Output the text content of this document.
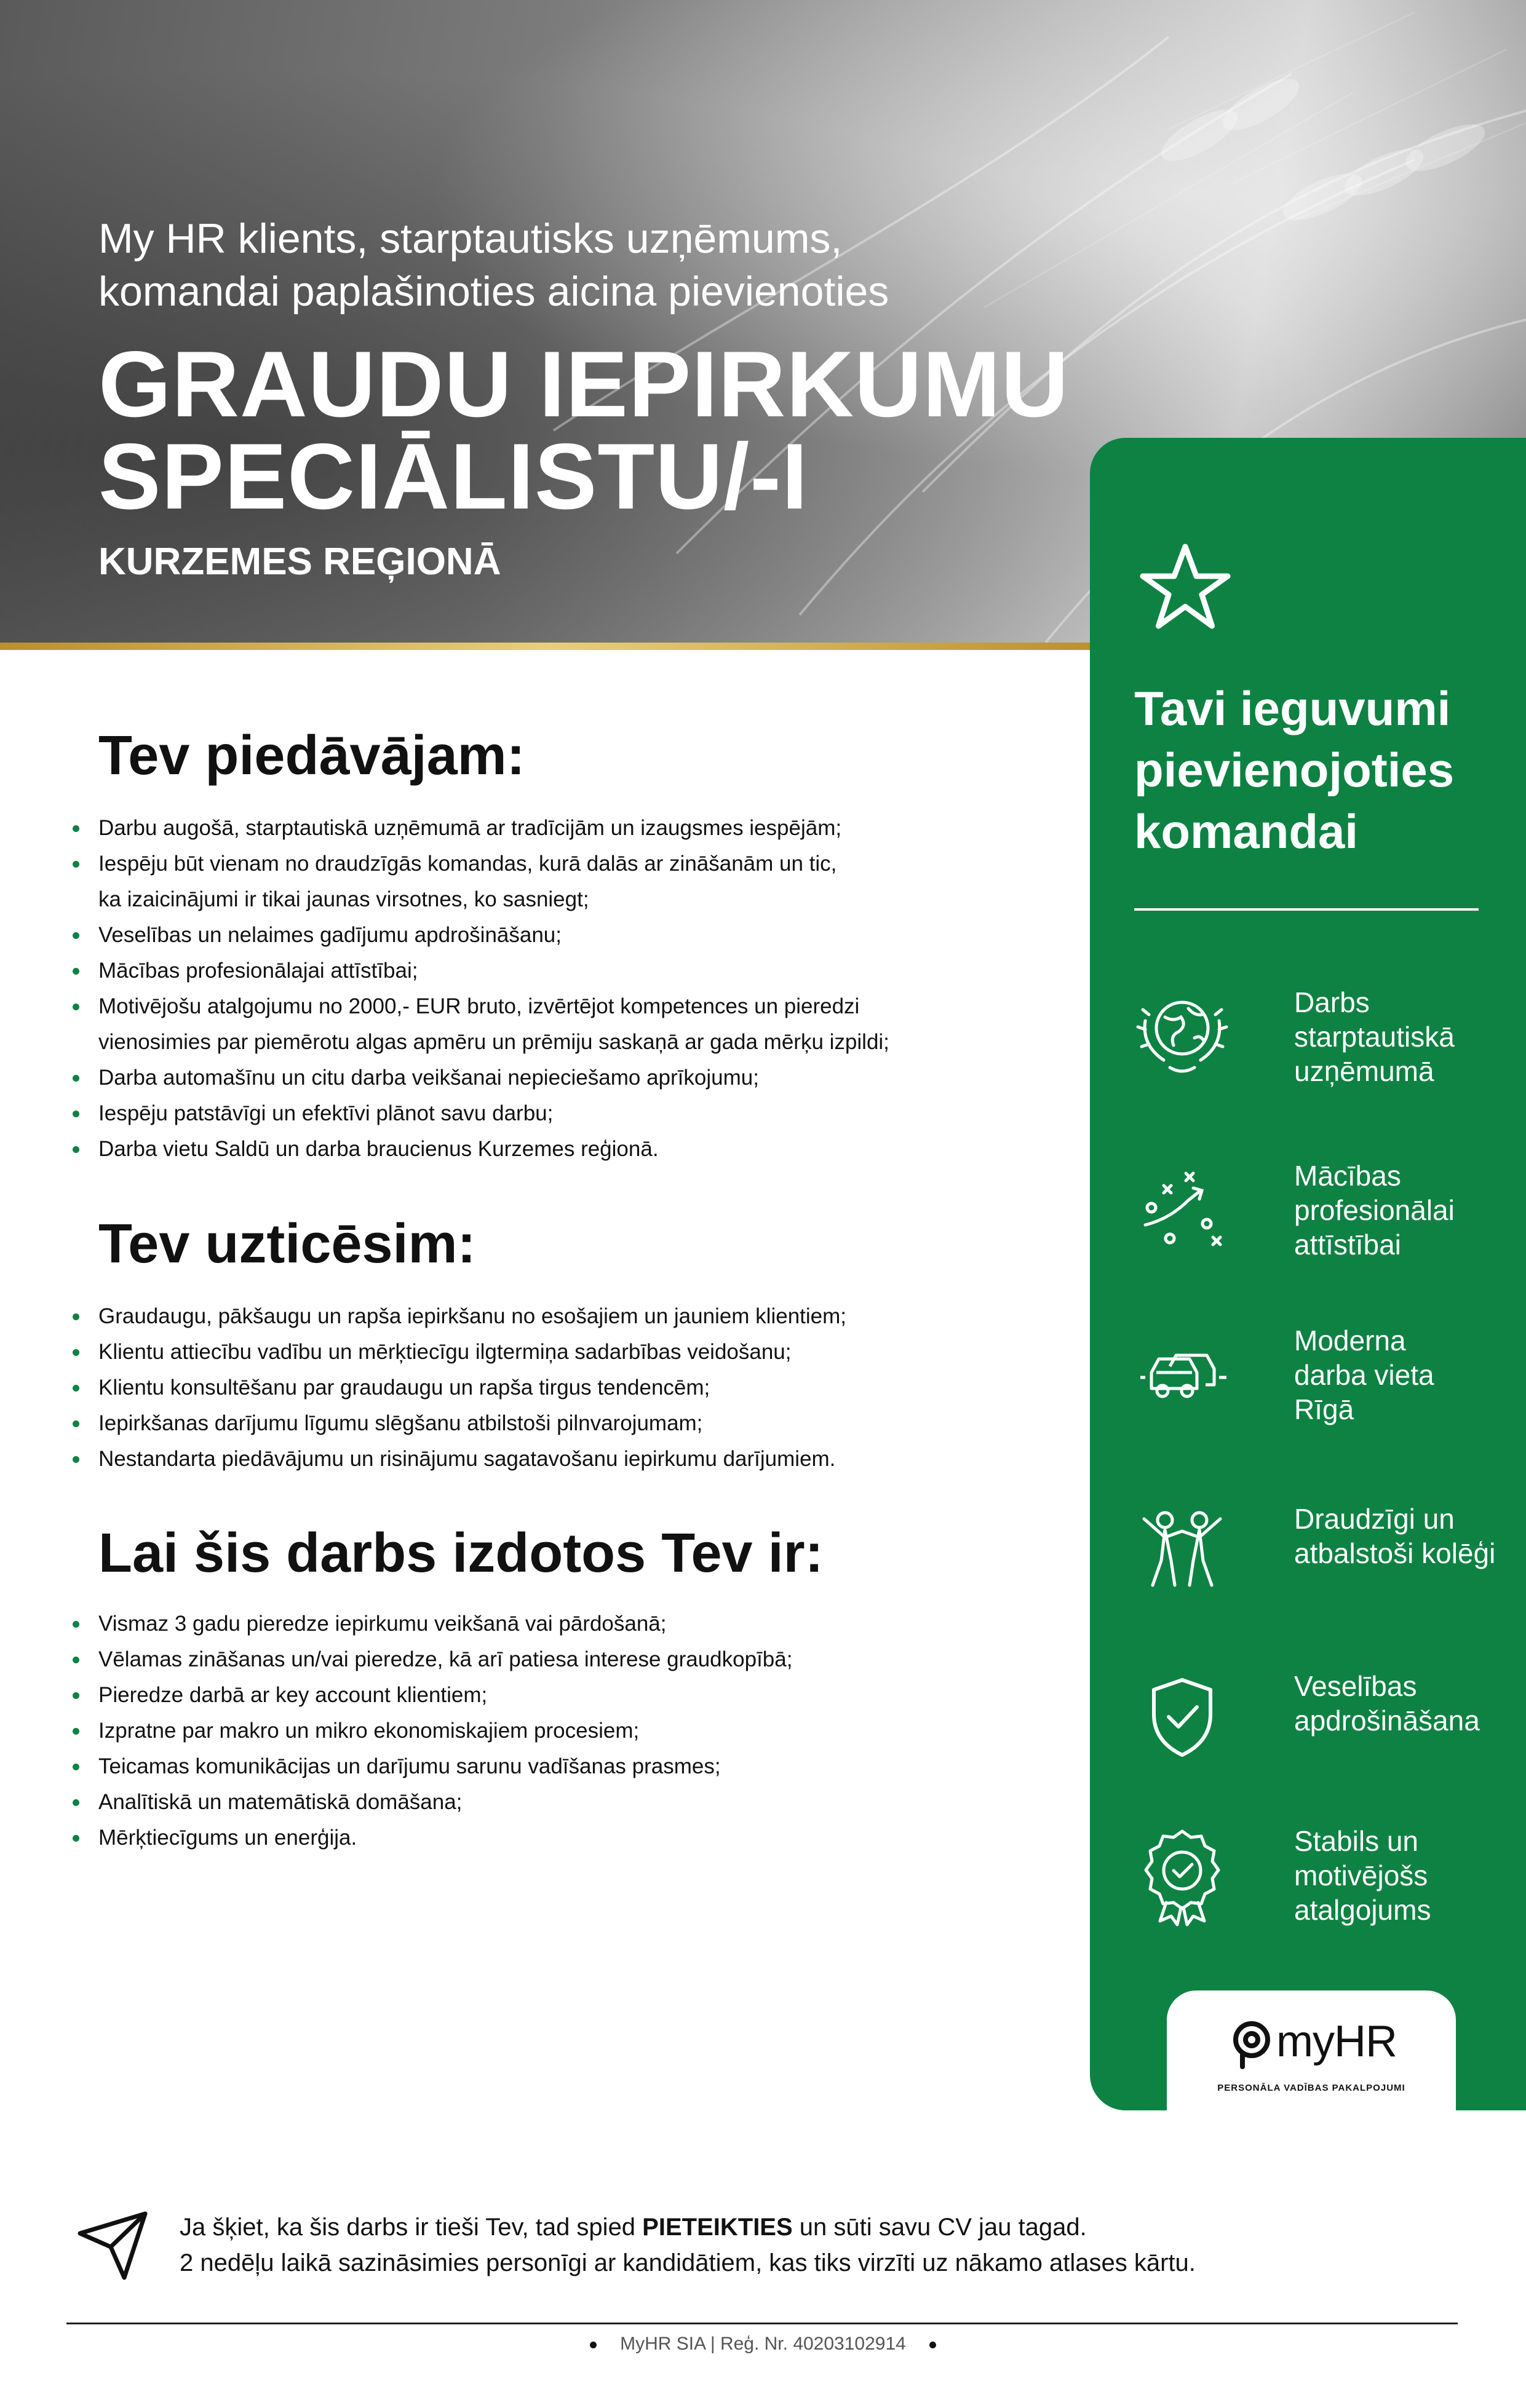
My HR klients, starptautisks uzņēmums,
komandai paplašinoties aicina pievienoties
GRAUDU IEPIRKUMU
SPECIĀLISTU/-I
KURZEMES REĢIONĀ
Tev piedāvājam:
Darbu augošā, starptautiskā uzņēmumā ar tradīcijām un izaugsmes iespējām;
Iespēju būt vienam no draudzīgās komandas, kurā dalās ar zināšanām un tic,
ka izaicinājumi ir tikai jaunas virsotnes, ko sasniegt;
Veselības un nelaimes gadījumu apdrošināšanu;
Mācības profesionālajai attīstībai;
Motivējošu atalgojumu no 2000,- EUR bruto, izvērtējot kompetences un pieredzi
vienosimies par piemērotu algas apmēru un prēmiju saskaņā ar gada mērķu izpildi;
Darba automašīnu un citu darba veikšanai nepieciešamo aprīkojumu;
Iespēju patstāvīgi un efektīvi plānot savu darbu;
Darba vietu Saldū un darba braucienus Kurzemes reģionā.
Tev uzticēsim:
Graudaugu, pākšaugu un rapša iepirkšanu no esošajiem un jauniem klientiem;
Klientu attiecību vadību un mērķtiecīgu ilgtermiņa sadarbības veidošanu;
Klientu konsultēšanu par graudaugu un rapša tirgus tendencēm;
Iepirkšanas darījumu līgumu slēgšanu atbilstoši pilnvarojumam;
Nestandarta piedāvājumu un risinājumu sagatavošanu iepirkumu darījumiem.
Lai šis darbs izdotos Tev ir:
Vismaz 3 gadu pieredze iepirkumu veikšanā vai pārdošanā;
Vēlamas zināšanas un/vai pieredze, kā arī patiesa interese graudkopībā;
Pieredze darbā ar key account klientiem;
Izpratne par makro un mikro ekonomiskajiem procesiem;
Teicamas komunikācijas un darījumu sarunu vadīšanas prasmes;
Analītiskā un matemātiskā domāšana;
Mērķtiecīgums un enerģija.
Tavi ieguvumi
pievienojoties
komandai
Darbs
starptautiskā
uzņēmumā
Mācības
profesionālai
attīstībai
Moderna
darba vieta
Rīgā
Draudzīgi un
atbalstoši kolēģi
Veselības
apdrošināšana
Stabils un
motivējošs
atalgojums
myHR
PERSONĀLA VADĪBAS PAKALPOJUMI
Ja šķiet, ka šis darbs ir tieši Tev, tad spied PIETEIKTIES un sūti savu CV jau tagad.
2 nedēļu laikā sazināsimies personīgi ar kandidātiem, kas tiks virzīti uz nākamo atlases kārtu.
MyHR SIA | Reģ. Nr. 40203102914
